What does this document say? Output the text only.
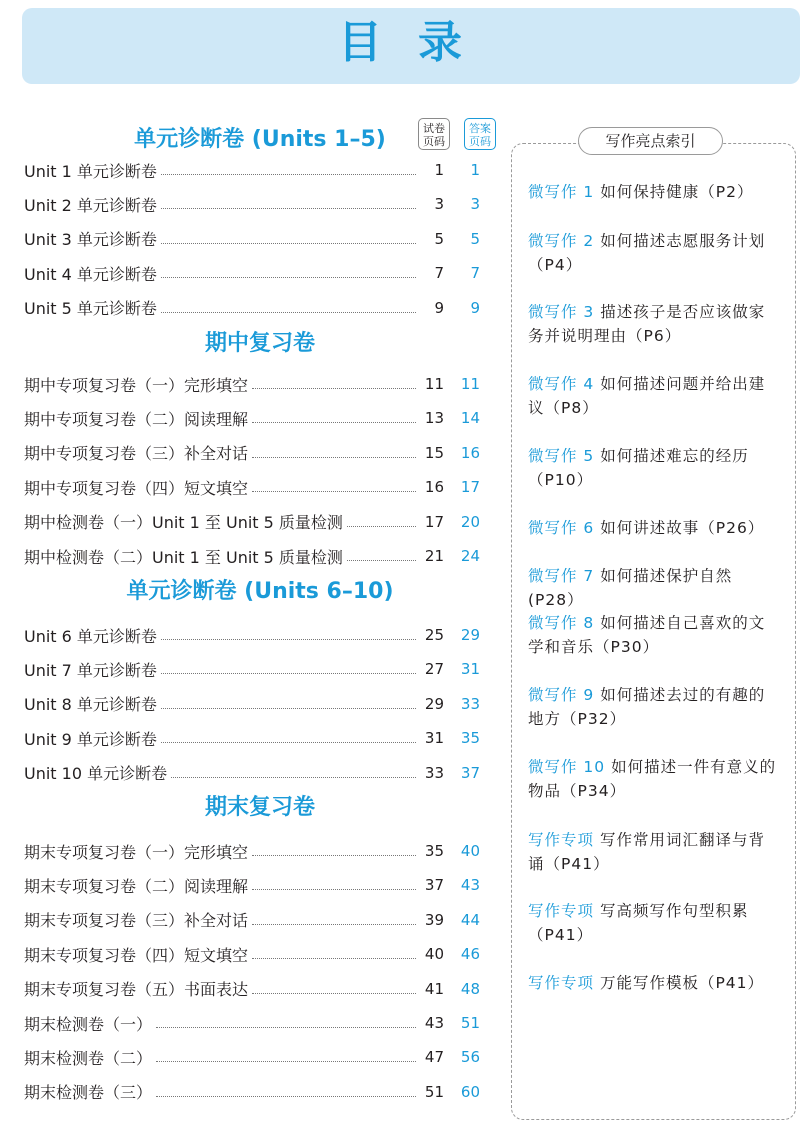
目录
试卷
页码
答案
页码
单元诊断卷 (Units 1–5)
Unit 1 单元诊断卷	1	1
Unit 2 单元诊断卷	3	3
Unit 3 单元诊断卷	5	5
Unit 4 单元诊断卷	7	7
Unit 5 单元诊断卷	9	9
期中复习卷
期中专项复习卷（一）完形填空	11	11
期中专项复习卷（二）阅读理解	13	14
期中专项复习卷（三）补全对话	15	16
期中专项复习卷（四）短文填空	16	17
期中检测卷（一）Unit 1 至 Unit 5 质量检测	17	20
期中检测卷（二）Unit 1 至 Unit 5 质量检测	21	24
单元诊断卷 (Units 6–10)
Unit 6 单元诊断卷	25	29
Unit 7 单元诊断卷	27	31
Unit 8 单元诊断卷	29	33
Unit 9 单元诊断卷	31	35
Unit 10 单元诊断卷	33	37
期末复习卷
期末专项复习卷（一）完形填空	35	40
期末专项复习卷（二）阅读理解	37	43
期末专项复习卷（三）补全对话	39	44
期末专项复习卷（四）短文填空	40	46
期末专项复习卷（五）书面表达	41	48
期末检测卷（一）	43	51
期末检测卷（二）	47	56
期末检测卷（三）	51	60
写作亮点索引
微写作 1 如何保持健康（P2）
微写作 2 如何描述志愿服务计划（P4）
微写作 3 描述孩子是否应该做家务并说明理由（P6）
微写作 4 如何描述问题并给出建议（P8）
微写作 5 如何描述难忘的经历（P10）
微写作 6 如何讲述故事（P26）
微写作 7 如何描述保护自然(P28）
微写作 8 如何描述自己喜欢的文学和音乐（P30）
微写作 9 如何描述去过的有趣的地方（P32）
微写作 10 如何描述一件有意义的物品（P34）
写作专项 写作常用词汇翻译与背诵（P41）
写作专项 写高频写作句型积累（P41）
写作专项 万能写作模板（P41）
